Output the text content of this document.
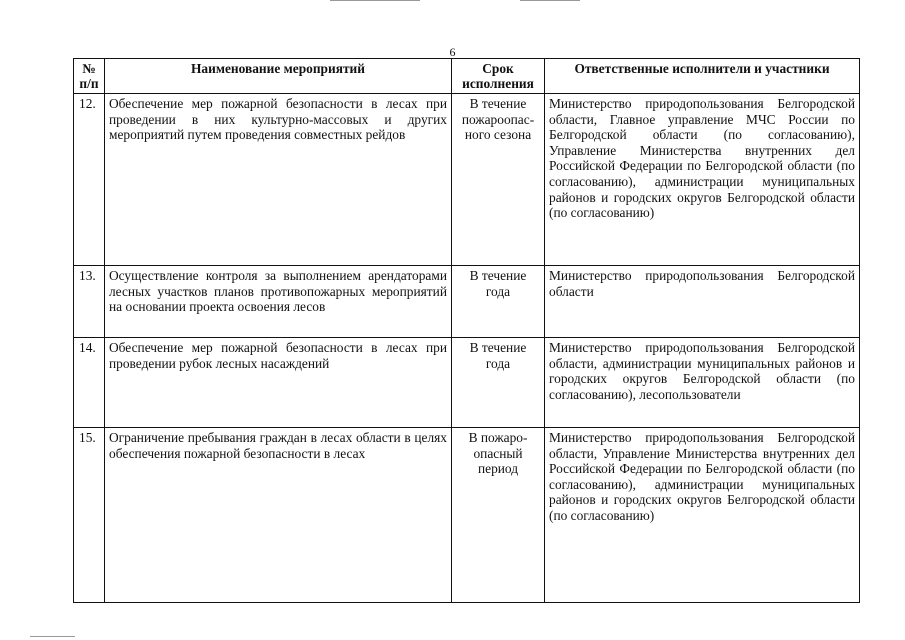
6
№ п/п	Наименование мероприятий	Срок исполнения	Ответственные исполнители и участники
12.	Обеспечение мер пожарной безопасности в лесах при проведении в них культурно-массовых и других мероприятий путем проведения совместных рейдов	В течение пожароопас-ного сезона	Министерство природопользования Белгородской области, Главное управление МЧС России по Белгородской области (по согласованию), Управление Министерства внутренних дел Российской Федерации по Белгородской области (по согласованию), администрации муниципальных районов и городских округов Белгородской области (по согласованию)
13.	Осуществление контроля за выполнением арендаторами лесных участков планов противопожарных мероприятий на основании проекта освоения лесов	В течение года	Министерство природопользования Белгородской области
14.	Обеспечение мер пожарной безопасности в лесах при проведении рубок лесных насаждений	В течение года	Министерство природопользования Белгородской области, администрации муниципальных районов и городских округов Белгородской области (по согласованию), лесопользователи
15.	Ограничение пребывания граждан в лесах области в целях обеспечения пожарной безопасности в лесах	В пожаро-опасный период	Министерство природопользования Белгородской области, Управление Министерства внутренних дел Российской Федерации по Белгородской области (по согласованию), администрации муниципальных районов и городских округов Белгородской области (по согласованию)
